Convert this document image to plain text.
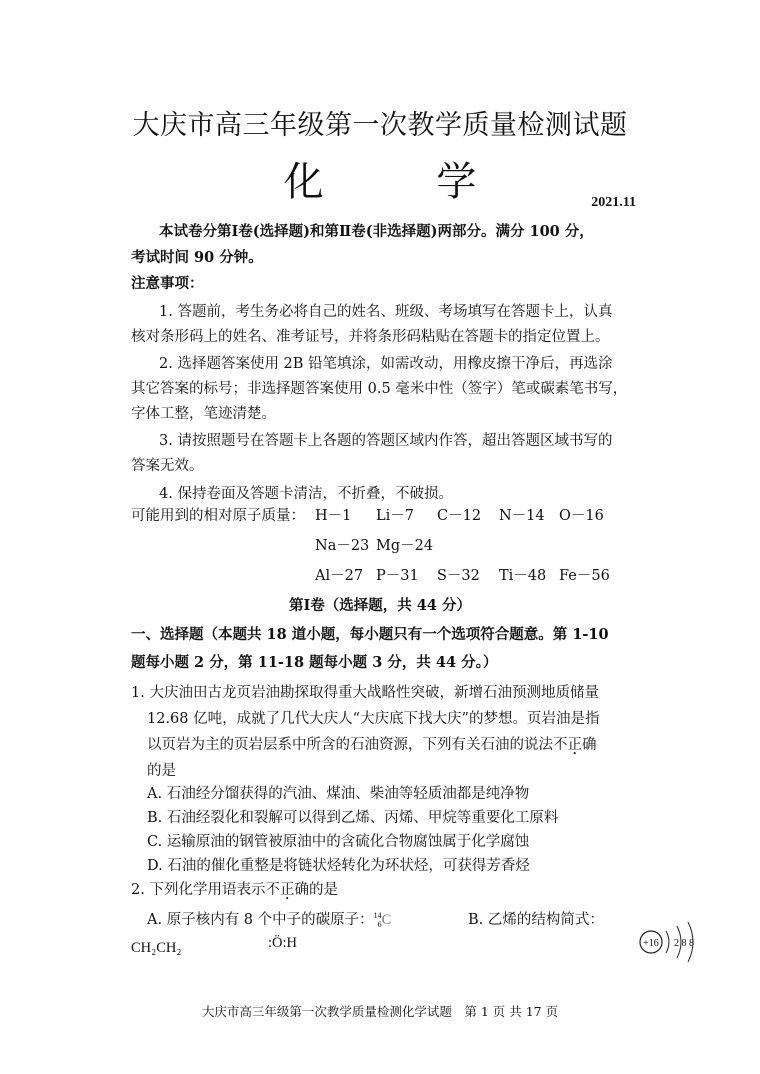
大庆市高三年级第一次教学质量检测试题
化 学	2021.11
本试卷分第Ⅰ卷(选择题)和第Ⅱ卷(非选择题)两部分。满分 100 分，
考试时间 90 分钟。
注意事项：
1. 答题前，考生务必将自己的姓名、班级、考场填写在答题卡上，认真
核对条形码上的姓名、准考证号，并将条形码粘贴在答题卡的指定位置上。
2. 选择题答案使用 2B 铅笔填涂，如需改动，用橡皮擦干净后，再选涂
其它答案的标号；非选择题答案使用 0.5 毫米中性（签字）笔或碳素笔书写，
字体工整，笔迹清楚。
3. 请按照题号在答题卡上各题的答题区域内作答，超出答题区域书写的
答案无效。
4. 保持卷面及答题卡清洁，不折叠，不破损。
可能用到的相对原子质量： H－1 Li－7 C－12 N－14 O－16
Na－23 Mg－24
Al－27 P－31 S－32 Ti－48 Fe－56
第Ⅰ卷（选择题，共 44 分）
一、选择题（本题共 18 道小题，每小题只有一个选项符合题意。第 1-10
题每小题 2 分，第 11-18 题每小题 3 分，共 44 分。）
1. 大庆油田古龙页岩油勘探取得重大战略性突破，新增石油预测地质储量
12.68 亿吨，成就了几代大庆人“大庆底下找大庆”的梦想。页岩油是指
以页岩为主的页岩层系中所含的石油资源，下列有关石油的说法不正确
的是
A. 石油经分馏获得的汽油、煤油、柴油等轻质油都是纯净物
B. 石油经裂化和裂解可以得到乙烯、丙烯、甲烷等重要化工原料
C. 运输原油的钢管被原油中的含硫化合物腐蚀属于化学腐蚀
D. 石油的催化重整是将链状烃转化为环状烃，可获得芳香烃
2. 下列化学用语表示不正确的是
A. 原子核内有 8 个中子的碳原子：$^{14}_6$C	B. 乙烯的结构简式：
CH₂CH₂	:Ö:H	+16 2 8 8
大庆市高三年级第一次教学质量检测化学试题　第 1 页 共 17 页
